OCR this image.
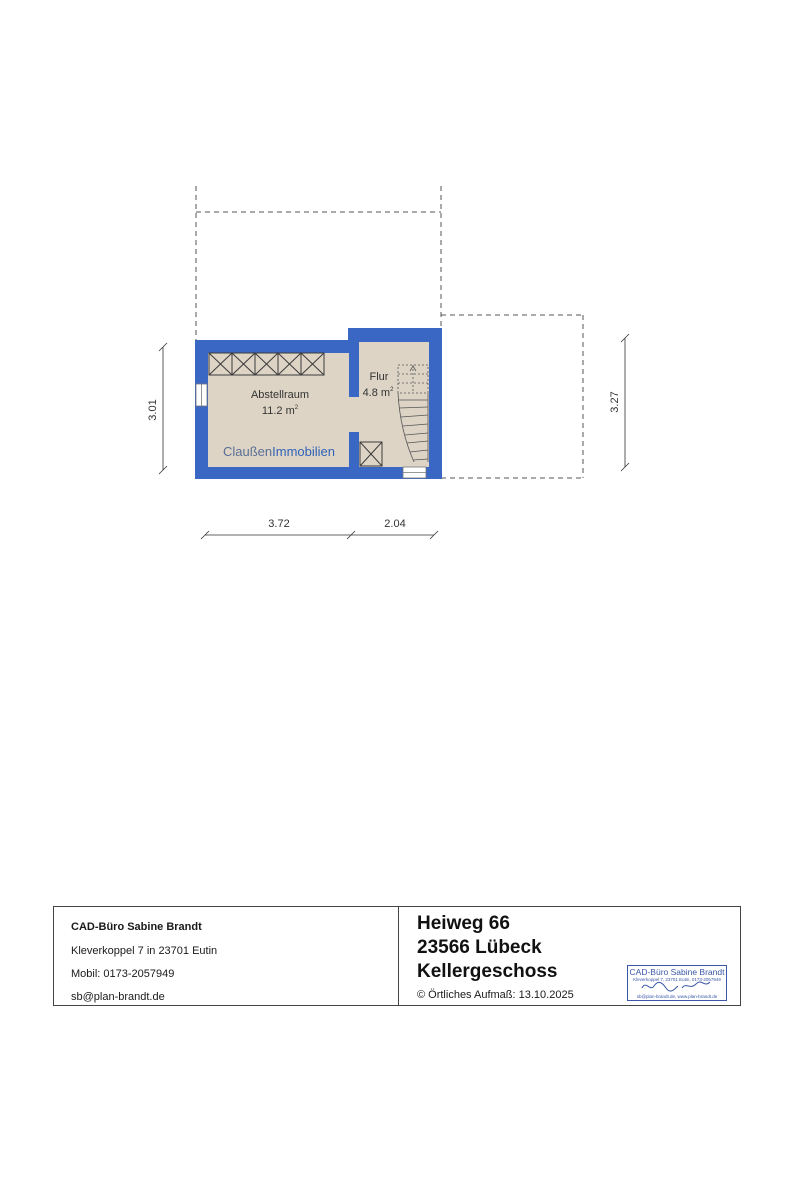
Abstellraum
11.2 $m^2$
Flur
4.8 $m^2$
ClaußenImmobilien
3.01	3.27
3.72	2.04
CAD-Büro Sabine Brandt
Kleverkoppel 7 in 23701 Eutin
Mobil: 0173-2057949
sb@plan-brandt.de
Heiweg 66
23566 Lübeck
Kellergeschoss
© Örtliches Aufmaß: 13.10.2025
CAD-Büro Sabine Brandt
Kleverkoppel 7, 23701 Eutin, 0173-2057949
sb@plan-brandt.de, www.plan-brandt.de
